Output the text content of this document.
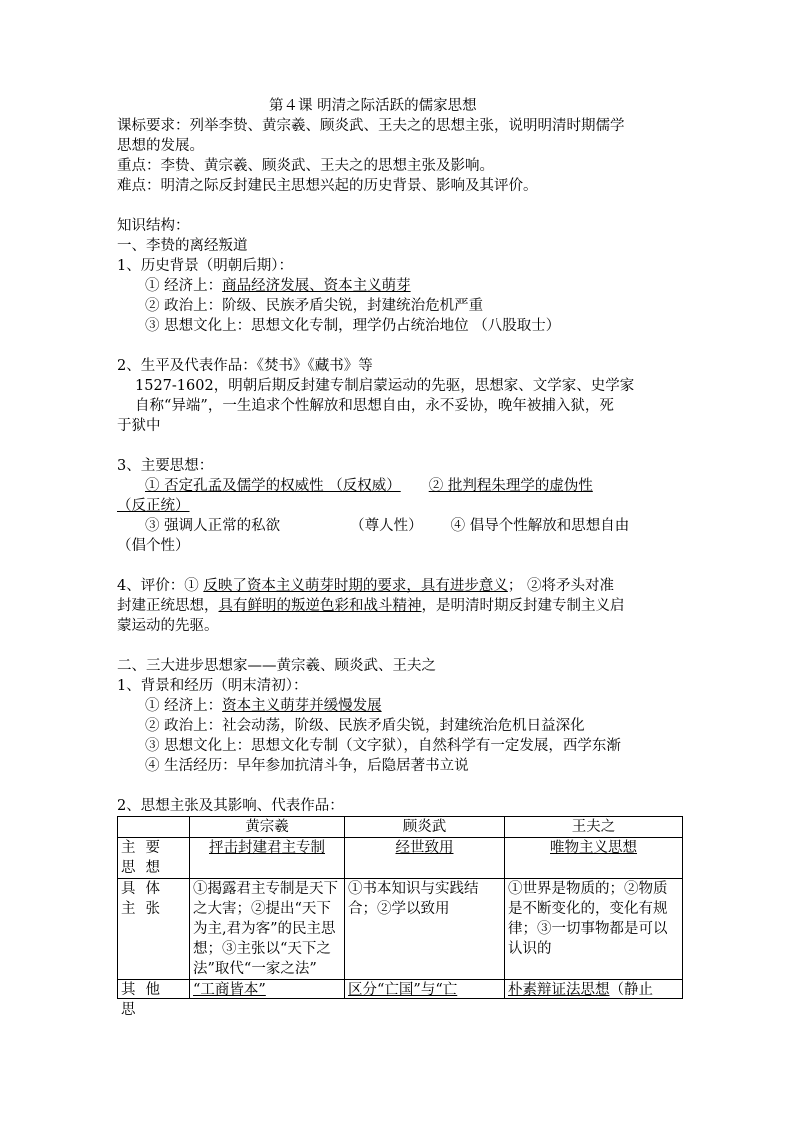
第４课 明清之际活跃的儒家思想
课标要求：列举李贽、黄宗羲、顾炎武、王夫之的思想主张，说明明清时期儒学
思想的发展。
重点：李贽、黄宗羲、顾炎武、王夫之的思想主张及影响。
难点：明清之际反封建民主思想兴起的历史背景、影响及其评价。
知识结构：
一、李贽的离经叛道
1、历史背景（明朝后期）：
① 经济上：商品经济发展、资本主义萌芽
② 政治上：阶级、民族矛盾尖锐，封建统治危机严重
③ 思想文化上：思想文化专制，理学仍占统治地位 （八股取士）
2、生平及代表作品：《焚书》《藏书》等
1527-1602，明朝后期反封建专制启蒙运动的先驱，思想家、文学家、史学家
自称“异端”，一生追求个性解放和思想自由，永不妥协，晚年被捕入狱，死
于狱中
3、主要思想：
① 否定孔孟及儒学的权威性 （反权威） ② 批判程朱理学的虚伪性
（反正统）
③ 强调人正常的私欲	（尊人性） ④ 倡导个性解放和思想自由
（倡个性）
4、评价：① 反映了资本主义萌芽时期的要求，具有进步意义； ②将矛头对准
封建正统思想，具有鲜明的叛逆色彩和战斗精神，是明清时期反封建专制主义启
蒙运动的先驱。
二、三大进步思想家——黄宗羲、顾炎武、王夫之
1、背景和经历（明末清初）：
① 经济上：资本主义萌芽并缓慢发展
② 政治上：社会动荡，阶级、民族矛盾尖锐，封建统治危机日益深化
③ 思想文化上：思想文化专制（文字狱），自然科学有一定发展，西学东渐
④ 生活经历：早年参加抗清斗争，后隐居著书立说
2、思想主张及其影响、代表作品：
	黄宗羲	顾炎武	王夫之
主要思想	抨击封建君主专制	经世致用	唯物主义思想
具体主张	①揭露君主专制是天下之大害；②提出“天下为主,君为客”的民主思想；③主张以“天下之法”取代“一家之法”	①书本知识与实践结合；②学以致用	①世界是物质的；②物质是不断变化的，变化有规律；③一切事物都是可以认识的

其他思	“工商皆本”	区分“亡国”与“亡	朴素辩证法思想（静止
